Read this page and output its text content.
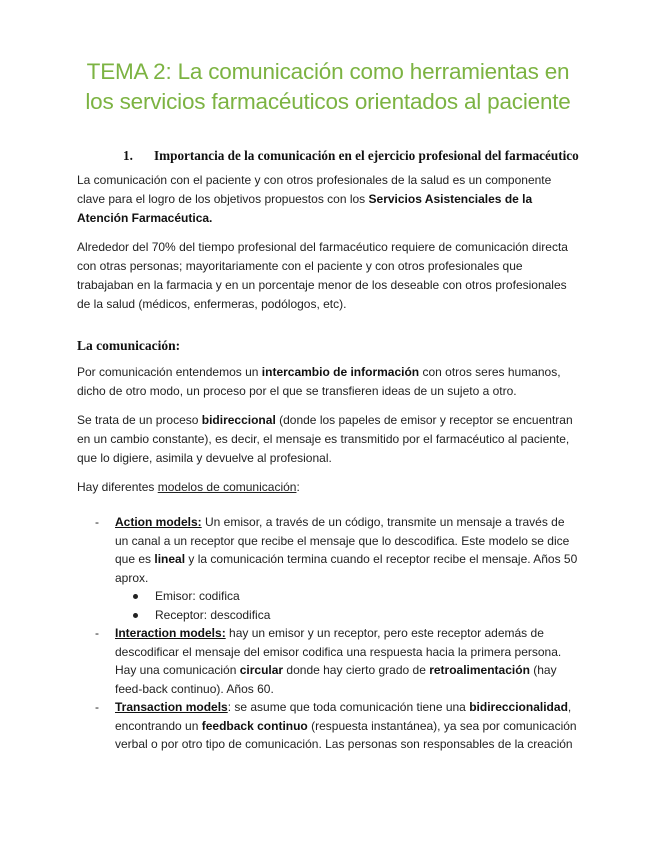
TEMA 2: La comunicación como herramientas en los servicios farmacéuticos orientados al paciente
1.	Importancia de la comunicación en el ejercicio profesional del farmacéutico

La comunicación con el paciente y con otros profesionales de la salud es un componente clave para el logro de los objetivos propuestos con los Servicios Asistenciales de la Atención Farmacéutica.

Alrededor del 70% del tiempo profesional del farmacéutico requiere de comunicación directa con otras personas; mayoritariamente con el paciente y con otros profesionales que trabajaban en la farmacia y en un porcentaje menor de los deseable con otros profesionales de la salud (médicos, enfermeras, podólogos, etc).

La comunicación:

Por comunicación entendemos un intercambio de información con otros seres humanos, dicho de otro modo, un proceso por el que se transfieren ideas de un sujeto a otro.

Se trata de un proceso bidireccional (donde los papeles de emisor y receptor se encuentran en un cambio constante), es decir, el mensaje es transmitido por el farmacéutico al paciente, que lo digiere, asimila y devuelve al profesional.

Hay diferentes modelos de comunicación:

- Action models: Un emisor, a través de un código, transmite un mensaje a través de un canal a un receptor que recibe el mensaje que lo descodifica. Este modelo se dice que es lineal y la comunicación termina cuando el receptor recibe el mensaje. Años 50 aprox.
Emisor: codifica
Receptor: descodifica
- Interaction models: hay un emisor y un receptor, pero este receptor además de descodificar el mensaje del emisor codifica una respuesta hacia la primera persona. Hay una comunicación circular donde hay cierto grado de retroalimentación (hay feed-back continuo). Años 60.
- Transaction models: se asume que toda comunicación tiene una bidireccionalidad, encontrando un feedback continuo (respuesta instantánea), ya sea por comunicación verbal o por otro tipo de comunicación. Las personas son responsables de la creación
